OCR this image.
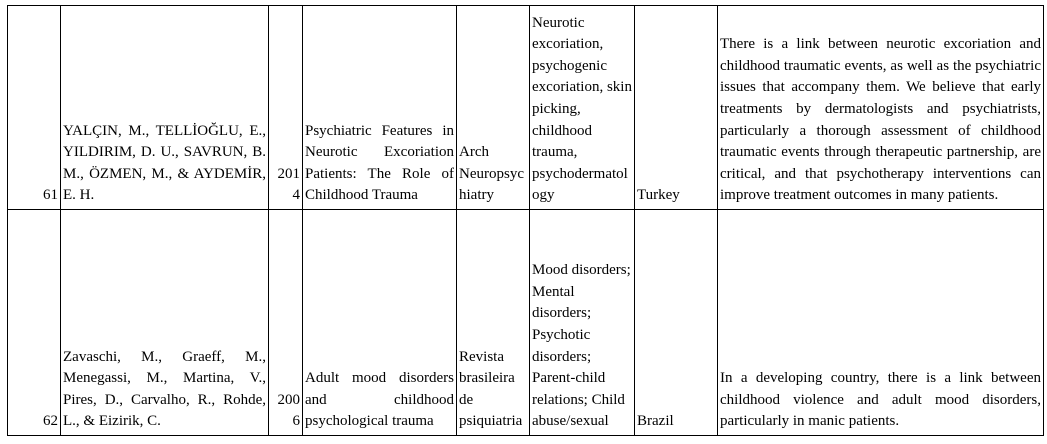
61	YALÇIN, M., TELLİOĞLU, E., YILDIRIM, D. U., SAVRUN, B. M., ÖZMEN, M., & AYDEMİR, E. H.	2014	Psychiatric Features in Neurotic Excoriation Patients: The Role of Childhood Trauma	Arch Neuropsychiatry	Neurotic excoriation, psychogenic excoriation, skin picking, childhood trauma, psychodermatology	Turkey	There is a link between neurotic excoriation and childhood traumatic events, as well as the psychiatric issues that accompany them. We believe that early treatments by dermatologists and psychiatrists, particularly a thorough assessment of childhood traumatic events through therapeutic partnership, are critical, and that psychotherapy interventions can improve treatment outcomes in many patients.
62	Zavaschi, M., Graeff, M., Menegassi, M., Martina, V., Pires, D., Carvalho, R., Rohde, L., & Eizirik, C.	2006	Adult mood disorders and childhood psychological trauma	Revista brasileira de psiquiatria	Mood disorders; Mental disorders; Psychotic disorders; Parent-child relations; Child abuse/sexual	Brazil	In a developing country, there is a link between childhood violence and adult mood disorders, particularly in manic patients.
